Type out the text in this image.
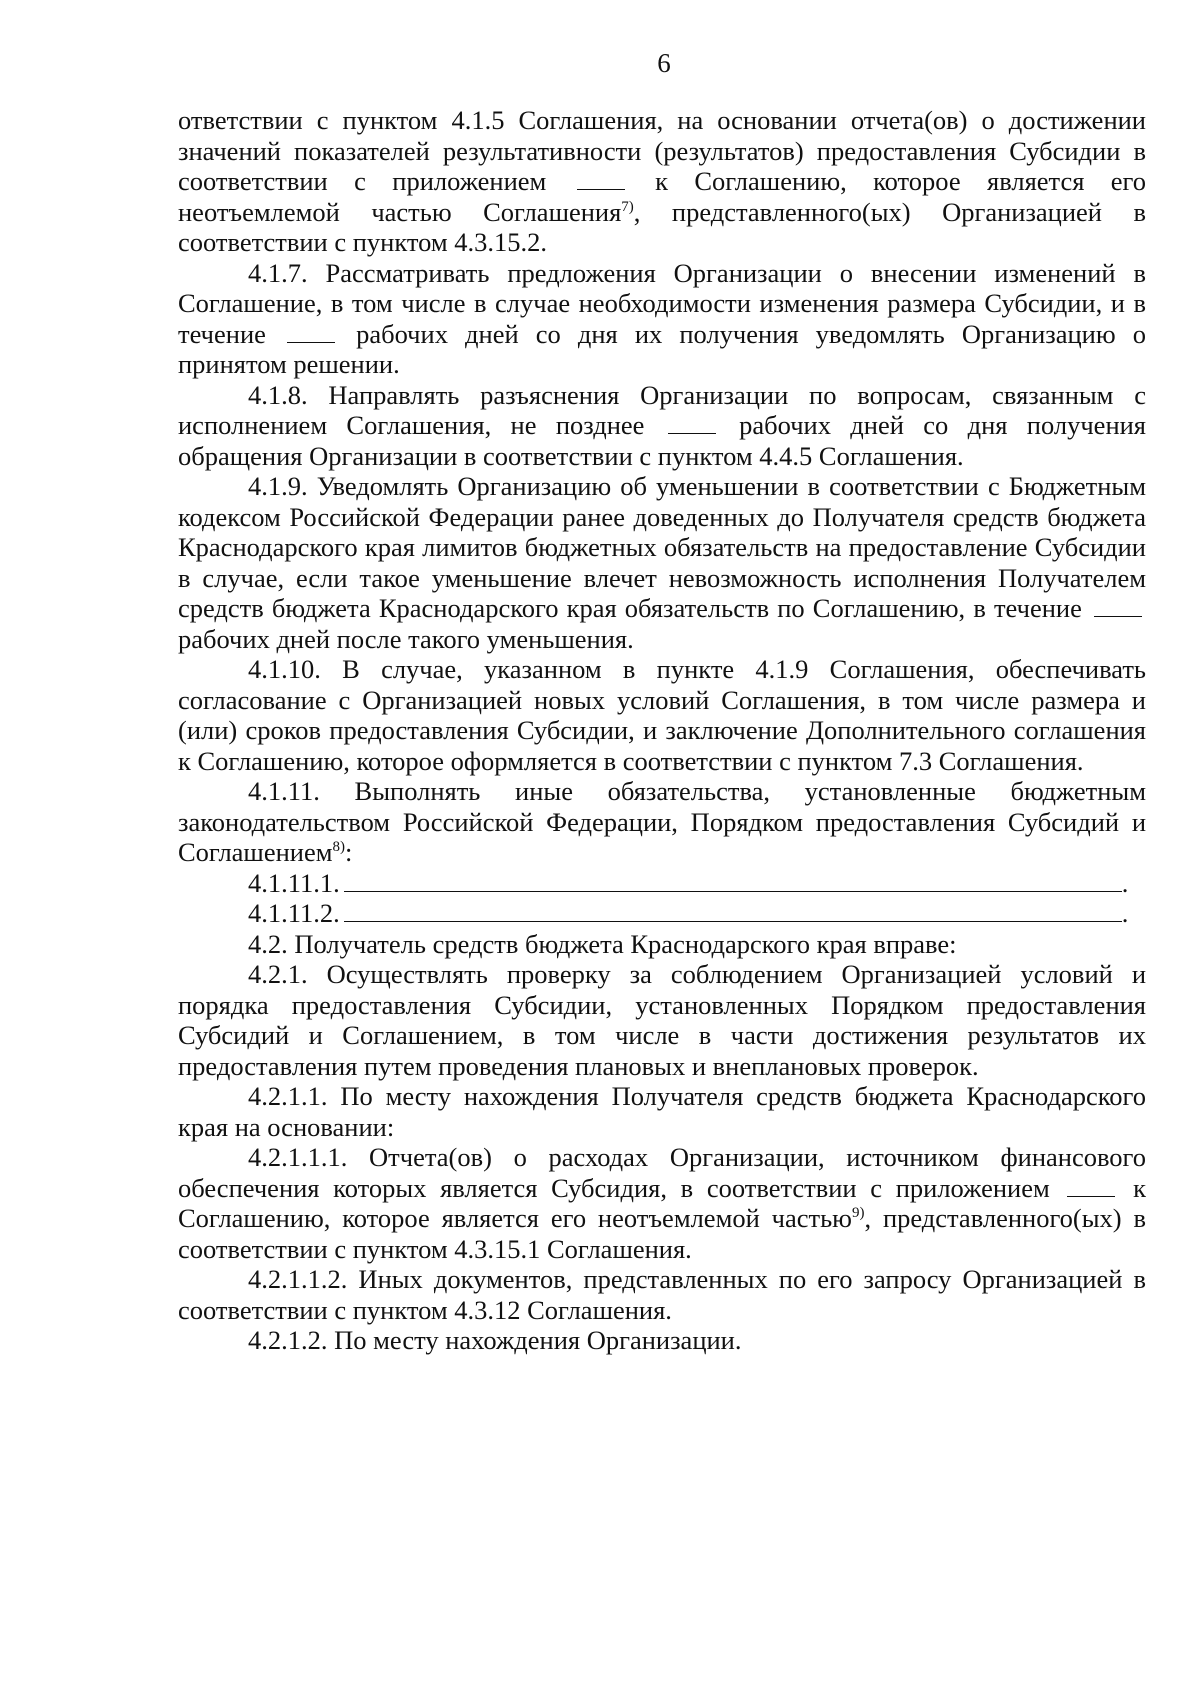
6

ответствии с пунктом 4.1.5 Соглашения, на основании отчета(ов) о достижении значений показателей результативности (результатов) предоставления Субсидии в соответствии с приложением	к Соглашению, которое является его неотъемлемой частью Соглашения$^{7)}$, представленного(ых) Организацией в соответствии с пунктом 4.3.15.2.

4.1.7. Рассматривать предложения Организации о внесении изменений в Соглашение, в том числе в случае необходимости изменения размера Субсидии, и в течение	рабочих дней со дня их получения уведомлять Организацию о принятом решении.

4.1.8. Направлять разъяснения Организации по вопросам, связанным с исполнением Соглашения, не позднее	рабочих дней со дня получения обращения Организации в соответствии с пунктом 4.4.5 Соглашения.

4.1.9. Уведомлять Организацию об уменьшении в соответствии с Бюджетным кодексом Российской Федерации ранее доведенных до Получателя средств бюджета Краснодарского края лимитов бюджетных обязательств на предоставление Субсидии в случае, если такое уменьшение влечет невозможность исполнения Получателем средств бюджета Краснодарского края обязательств по Соглашению, в течение  рабочих дней после такого уменьшения.

4.1.10. В случае, указанном в пункте 4.1.9 Соглашения, обеспечивать согласование с Организацией новых условий Соглашения, в том числе размера и (или) сроков предоставления Субсидии, и заключение Дополнительного соглашения к Соглашению, которое оформляется в соответствии с пунктом 7.3 Соглашения.

4.1.11. Выполнять иные обязательства, установленные бюджетным законодательством Российской Федерации, Порядком предоставления Субсидий и Соглашением$^{8)}$:

4.1.11.1.	.

4.1.11.2.	.

4.2. Получатель средств бюджета Краснодарского края вправе:

4.2.1. Осуществлять проверку за соблюдением Организацией условий и порядка предоставления Субсидии, установленных Порядком предоставления Субсидий и Соглашением, в том числе в части достижения результатов их предоставления путем проведения плановых и внеплановых проверок.

4.2.1.1. По месту нахождения Получателя средств бюджета Краснодарского края на основании:

4.2.1.1.1. Отчета(ов) о расходах Организации, источником финансового обеспечения которых является Субсидия, в соответствии с приложением	к Соглашению, которое является его неотъемлемой частью$^{9)}$, представленного(ых) в соответствии с пунктом 4.3.15.1 Соглашения.

4.2.1.1.2. Иных документов, представленных по его запросу Организацией в соответствии с пунктом 4.3.12 Соглашения.

4.2.1.2. По месту нахождения Организации.
